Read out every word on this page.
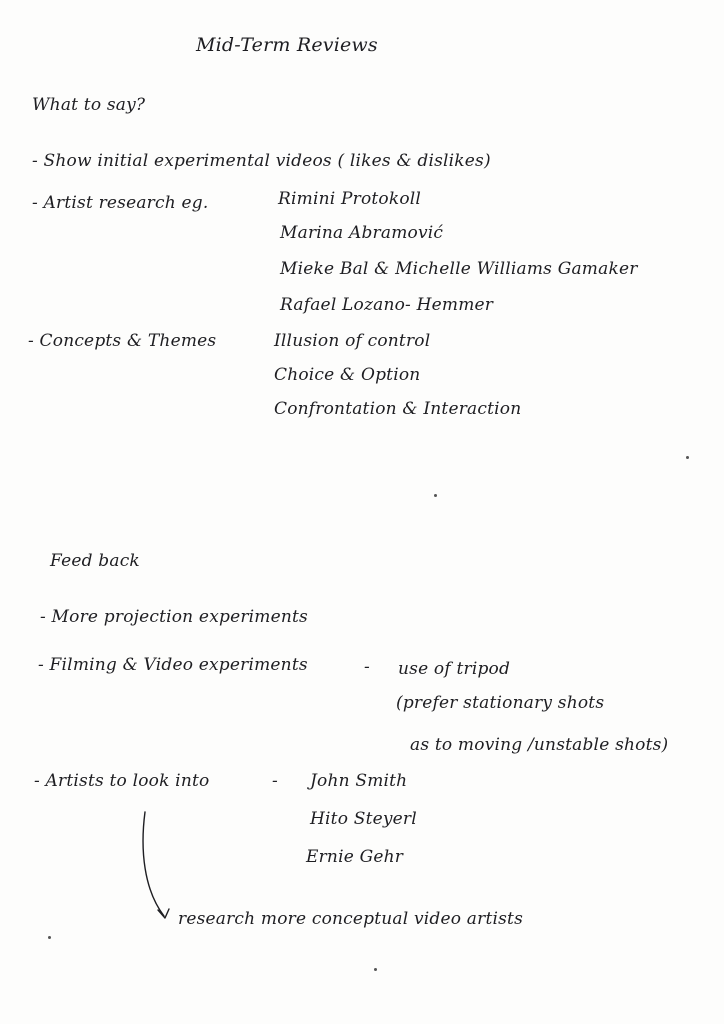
Mid-Term Reviews
What to say?
- Show initial experimental videos ( likes & dislikes)
- Artist research eg.	Rimini Protokoll
Marina Abramović
Mieke Bal & Michelle Williams Gamaker
Rafael Lozano- Hemmer
- Concepts & Themes	Illusion of control
Choice & Option
Confrontation & Interaction
Feed back
- More projection experiments
- Filming & Video experiments	- use of tripod
(prefer stationary shots
as to moving /unstable shots)
- Artists to look into	- John Smith
Hito Steyerl
Ernie Gehr
research more conceptual video artists
